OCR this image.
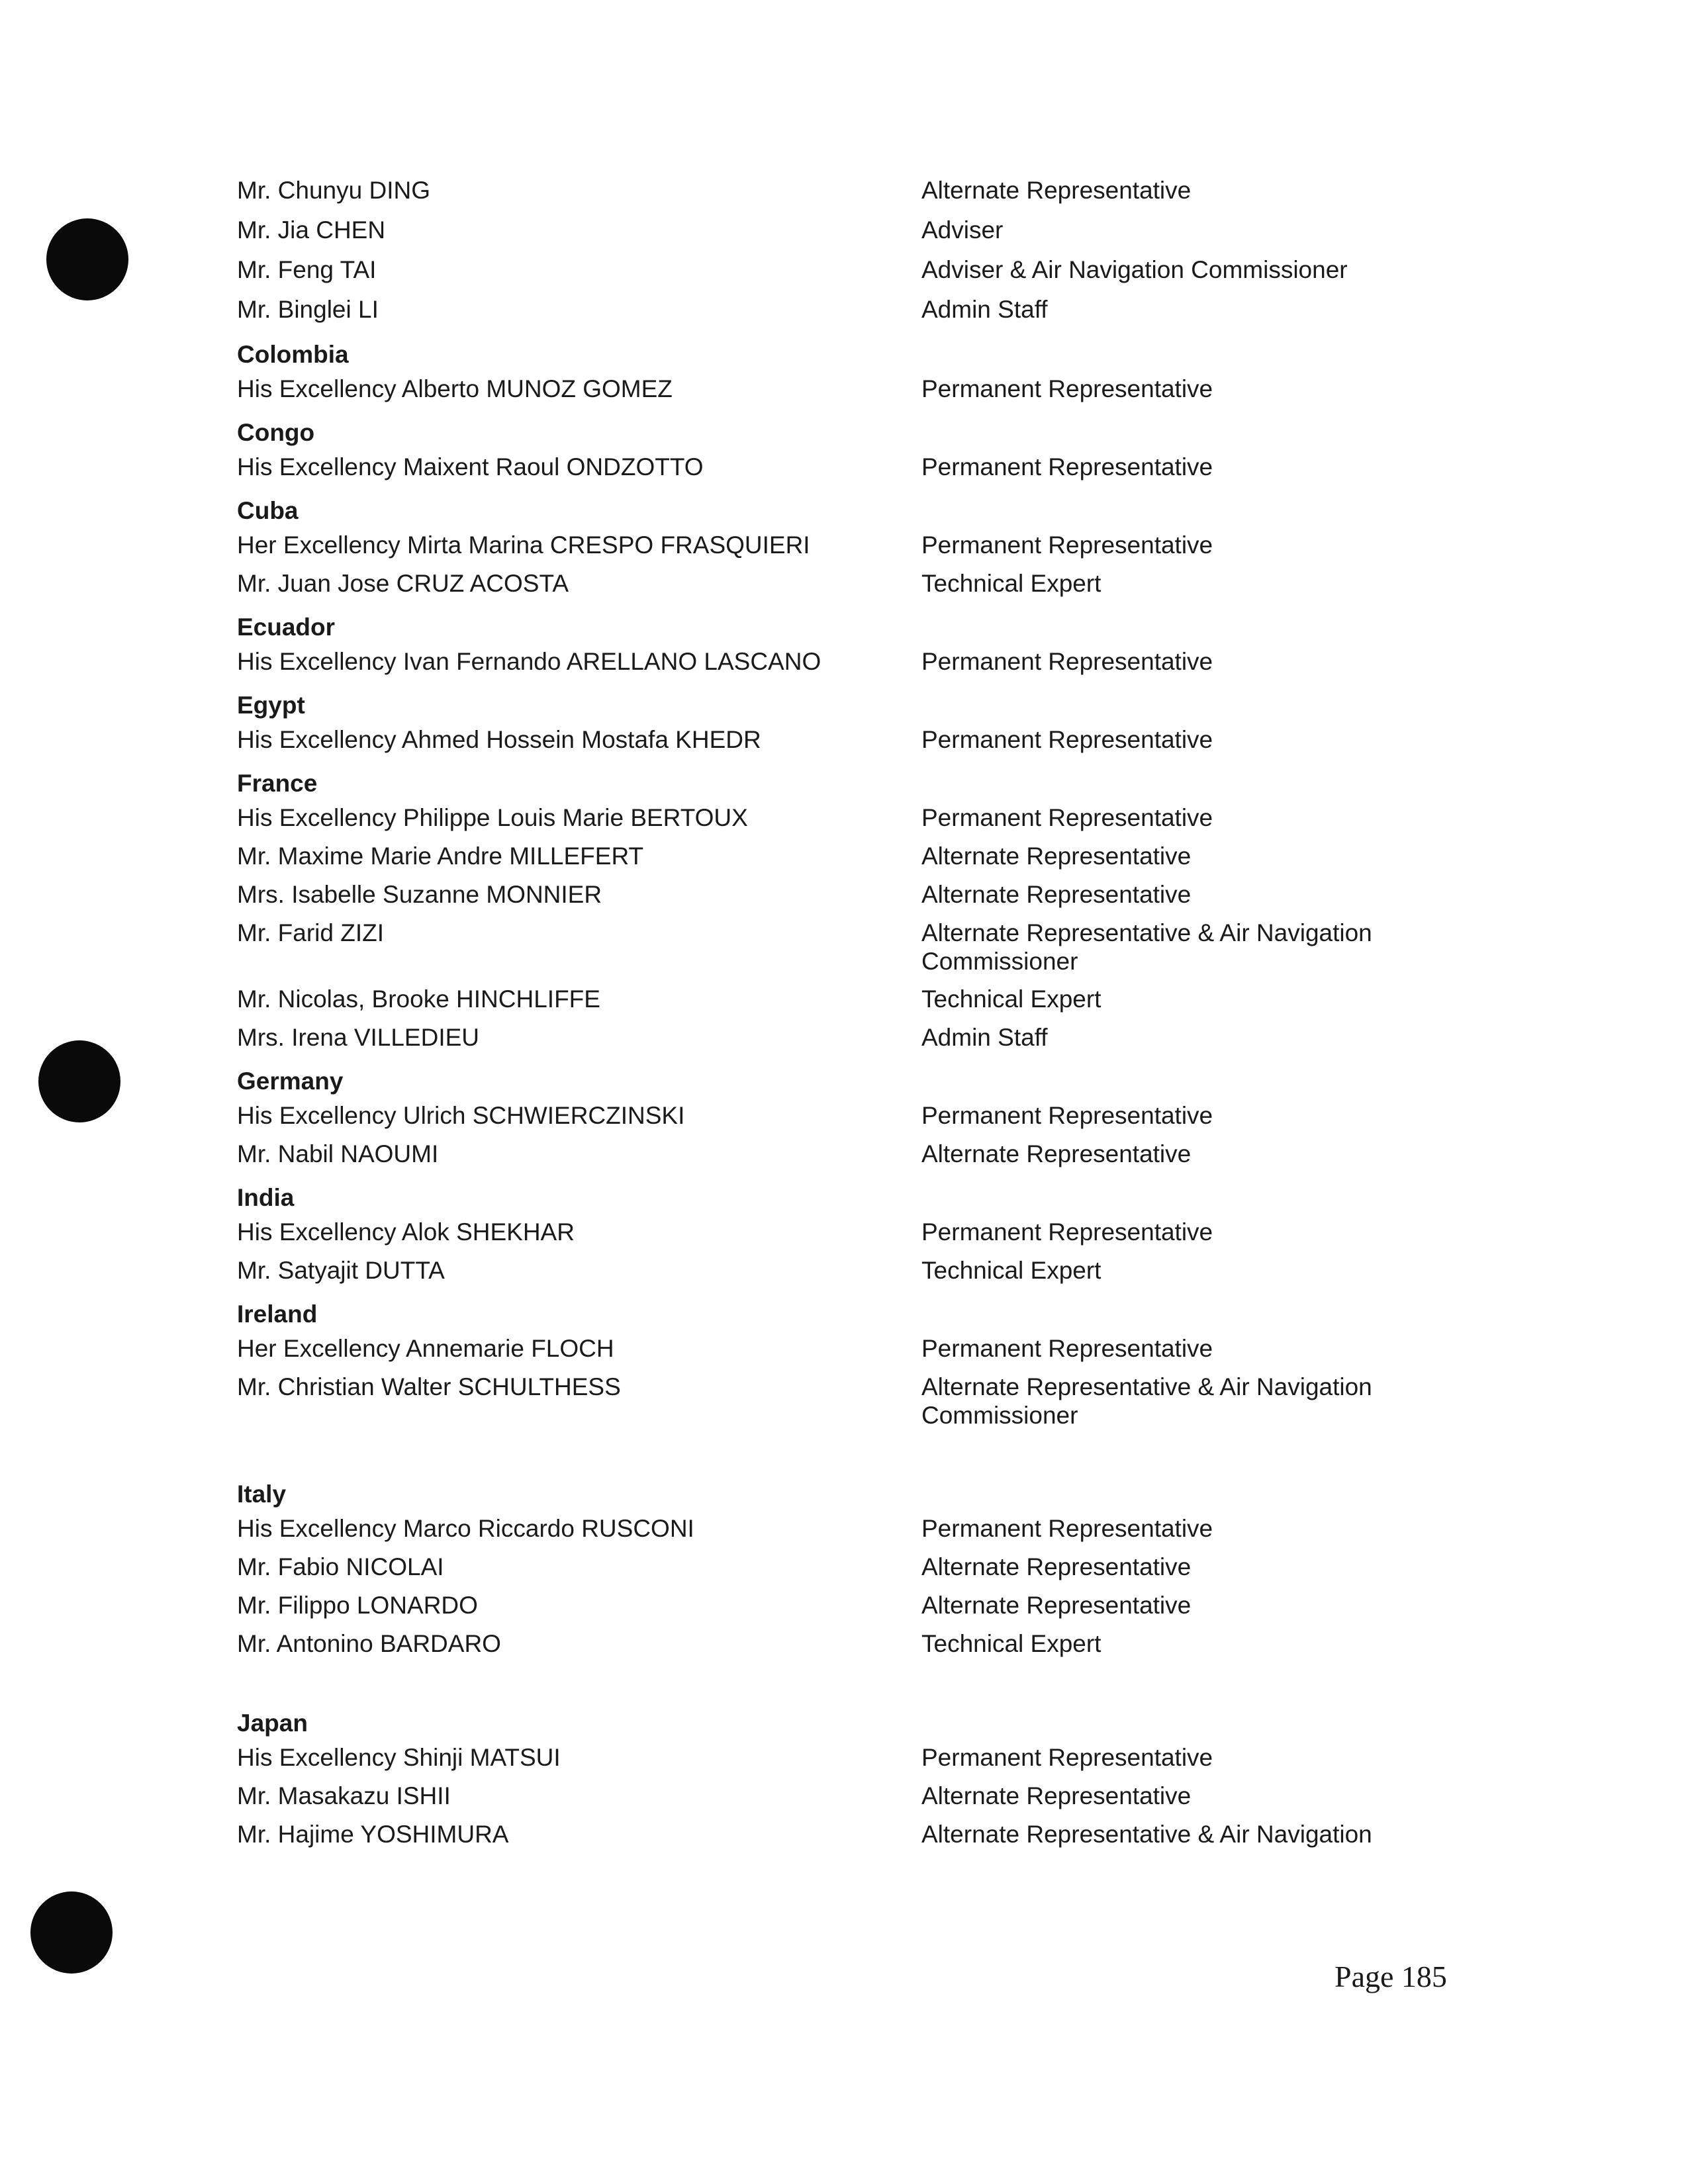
Mr. Chunyu DING	Alternate Representative
Mr. Jia CHEN	Adviser
Mr. Feng TAI	Adviser & Air Navigation Commissioner
Mr. Binglei LI	Admin Staff
Colombia
His Excellency Alberto MUNOZ GOMEZ	Permanent Representative
Congo
His Excellency Maixent Raoul ONDZOTTO	Permanent Representative
Cuba
Her Excellency Mirta Marina CRESPO FRASQUIERI	Permanent Representative
Mr. Juan Jose CRUZ ACOSTA	Technical Expert
Ecuador
His Excellency Ivan Fernando ARELLANO LASCANO	Permanent Representative
Egypt
His Excellency Ahmed Hossein Mostafa KHEDR	Permanent Representative
France
His Excellency Philippe Louis Marie BERTOUX	Permanent Representative
Mr. Maxime Marie Andre MILLEFERT	Alternate Representative
Mrs. Isabelle Suzanne MONNIER	Alternate Representative
Mr. Farid ZIZI	Alternate Representative & Air Navigation Commissioner
Mr. Nicolas, Brooke HINCHLIFFE	Technical Expert
Mrs. Irena VILLEDIEU	Admin Staff
Germany
His Excellency Ulrich SCHWIERCZINSKI	Permanent Representative
Mr. Nabil NAOUMI	Alternate Representative
India
His Excellency Alok SHEKHAR	Permanent Representative
Mr. Satyajit DUTTA	Technical Expert
Ireland
Her Excellency Annemarie FLOCH	Permanent Representative
Mr. Christian Walter SCHULTHESS	Alternate Representative & Air Navigation Commissioner
Italy
His Excellency Marco Riccardo RUSCONI	Permanent Representative
Mr. Fabio NICOLAI	Alternate Representative
Mr. Filippo LONARDO	Alternate Representative
Mr. Antonino BARDARO	Technical Expert
Japan
His Excellency Shinji MATSUI	Permanent Representative
Mr. Masakazu ISHII	Alternate Representative
Mr. Hajime YOSHIMURA	Alternate Representative & Air Navigation
Page 185
